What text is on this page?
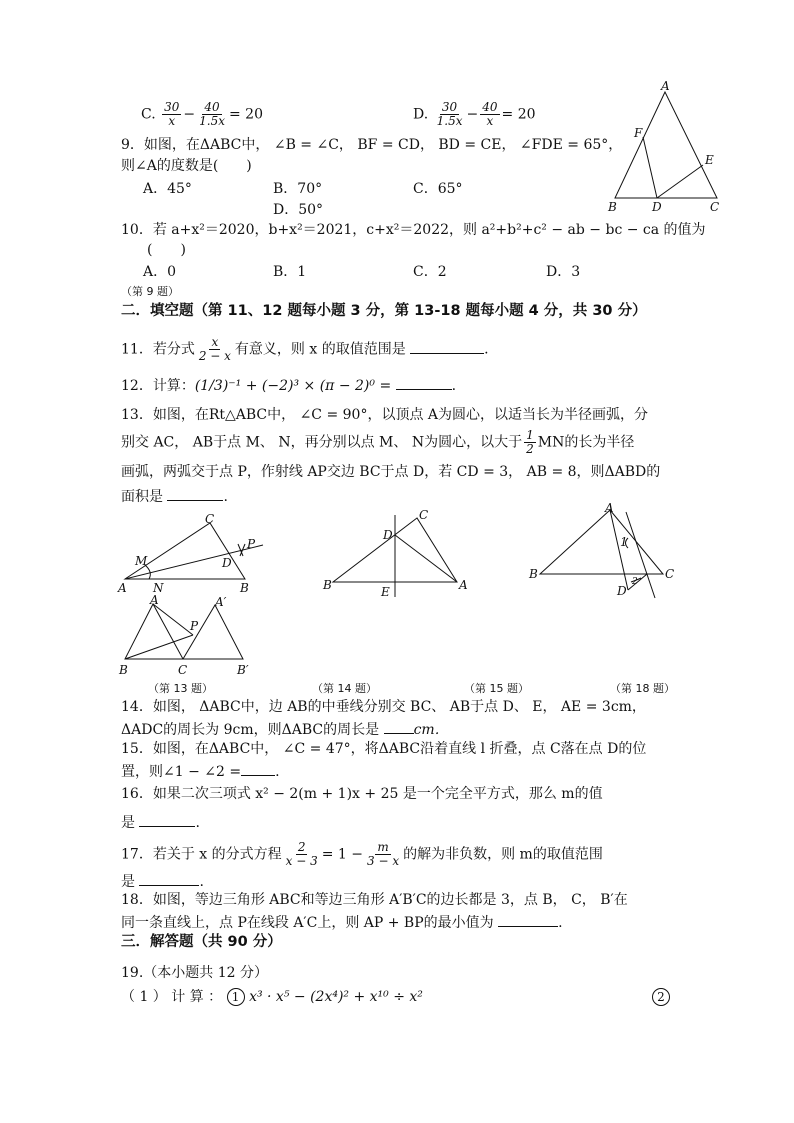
C. $\frac{30}{x} - \frac{40}{1.5x} = 20$	D. $\frac{30}{1.5x} - \frac{40}{x} = 20$
9．如图，在ΔABC中， ∠B = ∠C， BF = CD， BD = CE， ∠FDE = 65°，
则∠A的度数是(　　)
A．45°	B．70°	C．65°
D．50°
A
F
E
B	D	C
10．若 a+x²＝2020，b+x²＝2021，c+x²＝2022，则 a²+b²+c² − ab − bc − ca 的值为
(　　)
A．0	B．1	C．2	D．3
（第 9 题）
二．填空题（第 11、12 题每小题 3 分，第 13-18 题每小题 4 分，共 30 分）
11．若分式 $\frac{x}{2 - x}$ 有意义，则 x 的取值范围是	.
12．计算：(1/3)⁻¹ + (−2)³ × (π − 2)⁰ =	.
13．如图，在Rt△ABC中， ∠C = 90°，以顶点 A为圆心，以适当长为半径画弧，分
别交 AC， AB于点 M、 N，再分别以点 M、 N为圆心，以大于 $\frac{1}{2}$ MN的长为半径
画弧，两弧交于点 P，作射线 AP交边 BC于点 D，若 CD = 3， AB = 8，则ΔABD的
面积是	.
C
M
P
D
A N	B
A	A′
P
B	C	B′
C
D
B	E	A
A
1
B	C
D
2
（第 13 题）	（第 14 题）	（第 15 题）	（第 18 题）
14．如图， ΔABC中，边 AB的中垂线分别交 BC、 AB于点 D、 E， AE = 3cm，
ΔADC的周长为 9cm，则ΔABC的周长是 cm．
15．如图，在ΔABC中， ∠C = 47°，将ΔABC沿着直线 l 折叠，点 C落在点 D的位
置，则∠1 − ∠2 = .
16．如果二次三项式 x² − 2(m + 1)x + 25 是一个完全平方式，那么 m的值
是	.
17．若关于 x 的分式方程 $\frac{2}{x - 3} = 1 - \frac{m}{3 - x}$ 的解为非负数，则 m的取值范围
是	.
18．如图，等边三角形 ABC和等边三角形 A′B′C的边长都是 3，点 B， C， B′在
同一条直线上，点 P在线段 A′C上，则 AP + BP的最小值为	.
三．解答题（共 90 分）
19.（本小题共 12 分）
（ 1 ） 计 算 ： 1 x³ · x⁵ − (2x⁴)² + x¹⁰ ÷ x²	2
